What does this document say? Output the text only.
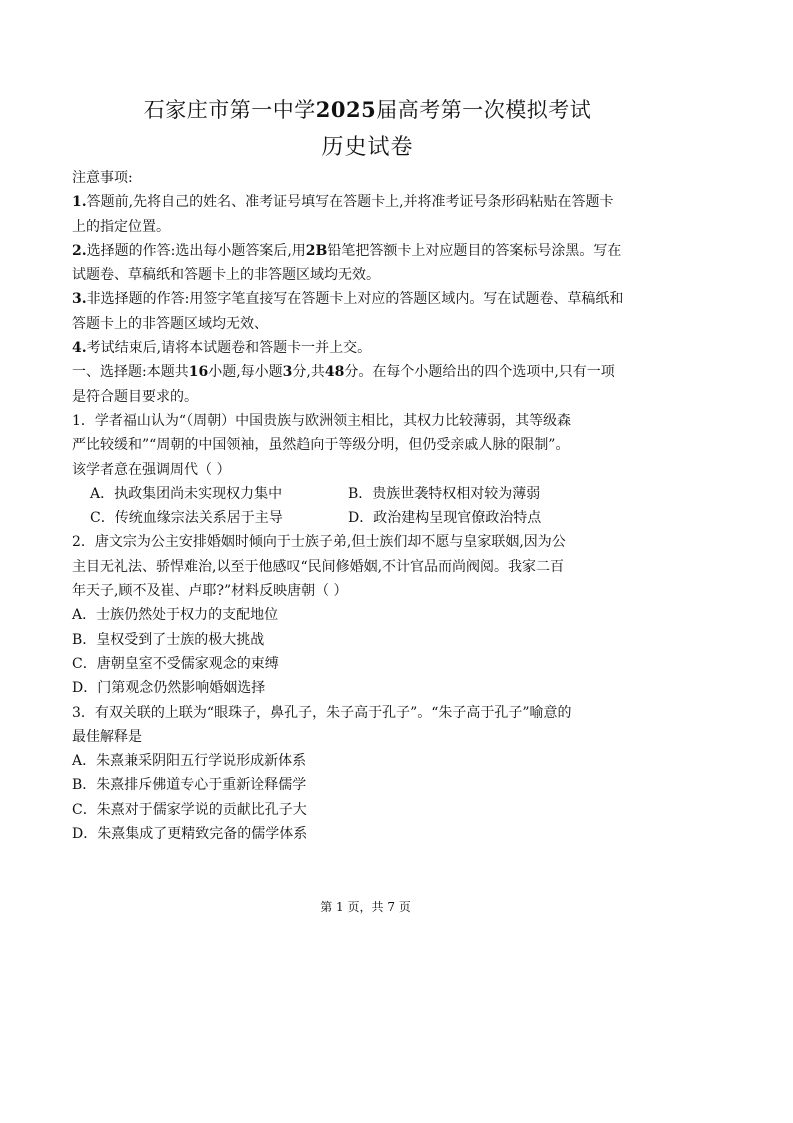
石家庄市第一中学2025届高考第一次模拟考试
历史试卷
注意事项:
1.答题前,先将自己的姓名、准考证号填写在答题卡上,并将准考证号条形码粘贴在答题卡
上的指定位置。
2.选择题的作答:选出每小题答案后,用2B铅笔把答额卡上对应题目的答案标号涂黑。写在
试题卷、草稿纸和答题卡上的非答题区域均无效。
3.非选择题的作答:用签字笔直接写在答题卡上对应的答题区域内。写在试题卷、草稿纸和
答题卡上的非答题区域均无效、
4.考试结束后,请将本试题卷和答题卡一并上交。
一、选择题:本题共16小题,每小题3分,共48分。在每个小题给出的四个选项中,只有一项
是符合题目要求的。
1．学者福山认为“（周朝）中国贵族与欧洲领主相比，其权力比较薄弱，其等级森
严比较缓和”“周朝的中国领袖，虽然趋向于等级分明，但仍受亲戚人脉的限制”。
该学者意在强调周代（ ）
A．执政集团尚未实现权力集中	B．贵族世袭特权相对较为薄弱
C．传统血缘宗法关系居于主导	D．政治建构呈现官僚政治特点
2．唐文宗为公主安排婚姻时倾向于士族子弟,但士族们却不愿与皇家联姻,因为公
主目无礼法、骄悍难治,以至于他感叹“民间修婚姻,不计官品而尚阀阅。我家二百
年天子,顾不及崔、卢耶?”材料反映唐朝（ ）
A．士族仍然处于权力的支配地位
B．皇权受到了士族的极大挑战
C．唐朝皇室不受儒家观念的束缚
D．门第观念仍然影响婚姻选择
3．有双关联的上联为“眼珠子，鼻孔子，朱子高于孔子”。“朱子高于孔子”喻意的
最佳解释是
A．朱熹兼采阴阳五行学说形成新体系
B．朱熹排斥佛道专心于重新诠释儒学
C．朱熹对于儒家学说的贡献比孔子大
D．朱熹集成了更精致完备的儒学体系
第 1 页，共 7 页
